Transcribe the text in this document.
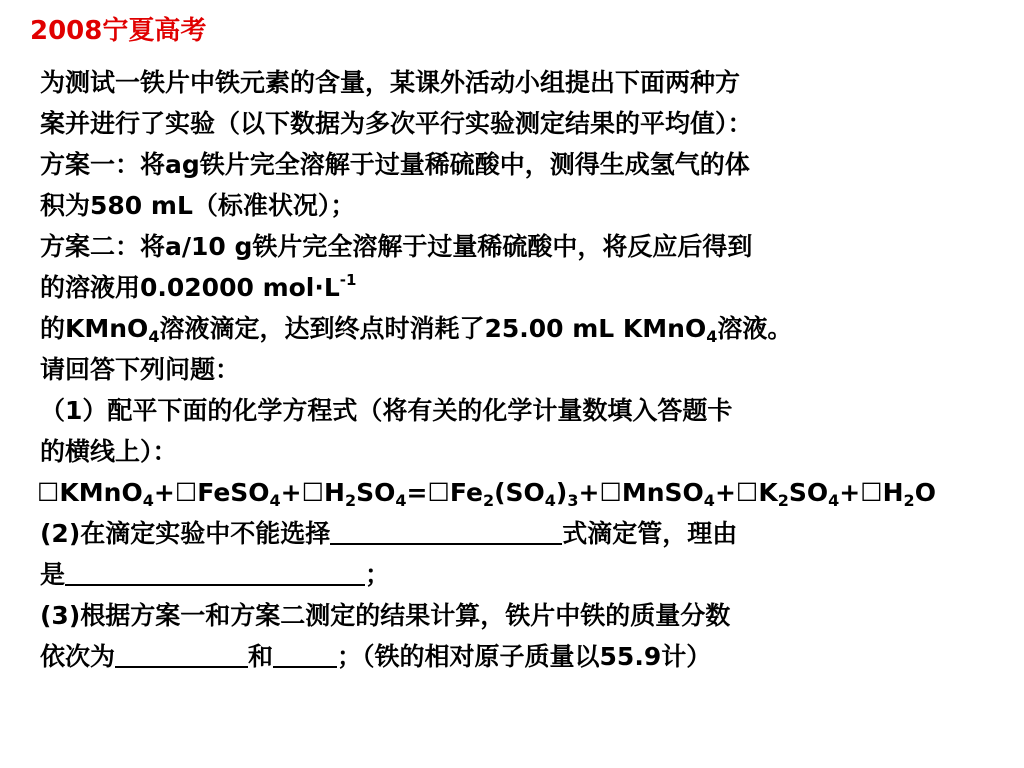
2008宁夏高考
为测试一铁片中铁元素的含量，某课外活动小组提出下面两种方
案并进行了实验（以下数据为多次平行实验测定结果的平均值）：
方案一：将ag铁片完全溶解于过量稀硫酸中，测得生成氢气的体
积为580 mL（标准状况）；
方案二：将a/10 g铁片完全溶解于过量稀硫酸中，将反应后得到
的溶液用0.02000 $mol\cdot L^{-1}$
的KMnO$_4$溶液滴定，达到终点时消耗了25.00 mL KMnO$_4$溶液。
请回答下列问题：
（1）配平下面的化学方程式（将有关的化学计量数填入答题卡
的横线上）：
$☐KMnO_4+☐FeSO_4+☐H_2SO_4=☐Fe_2(SO_4)_3+☐MnSO_4+☐K_2SO_4+☐H_2O$
(2)在滴定实验中不能选择	式滴定管，理由
是	；
(3)根据方案一和方案二测定的结果计算，铁片中铁的质量分数
依次为	和	；（铁的相对原子质量以55.9计）
